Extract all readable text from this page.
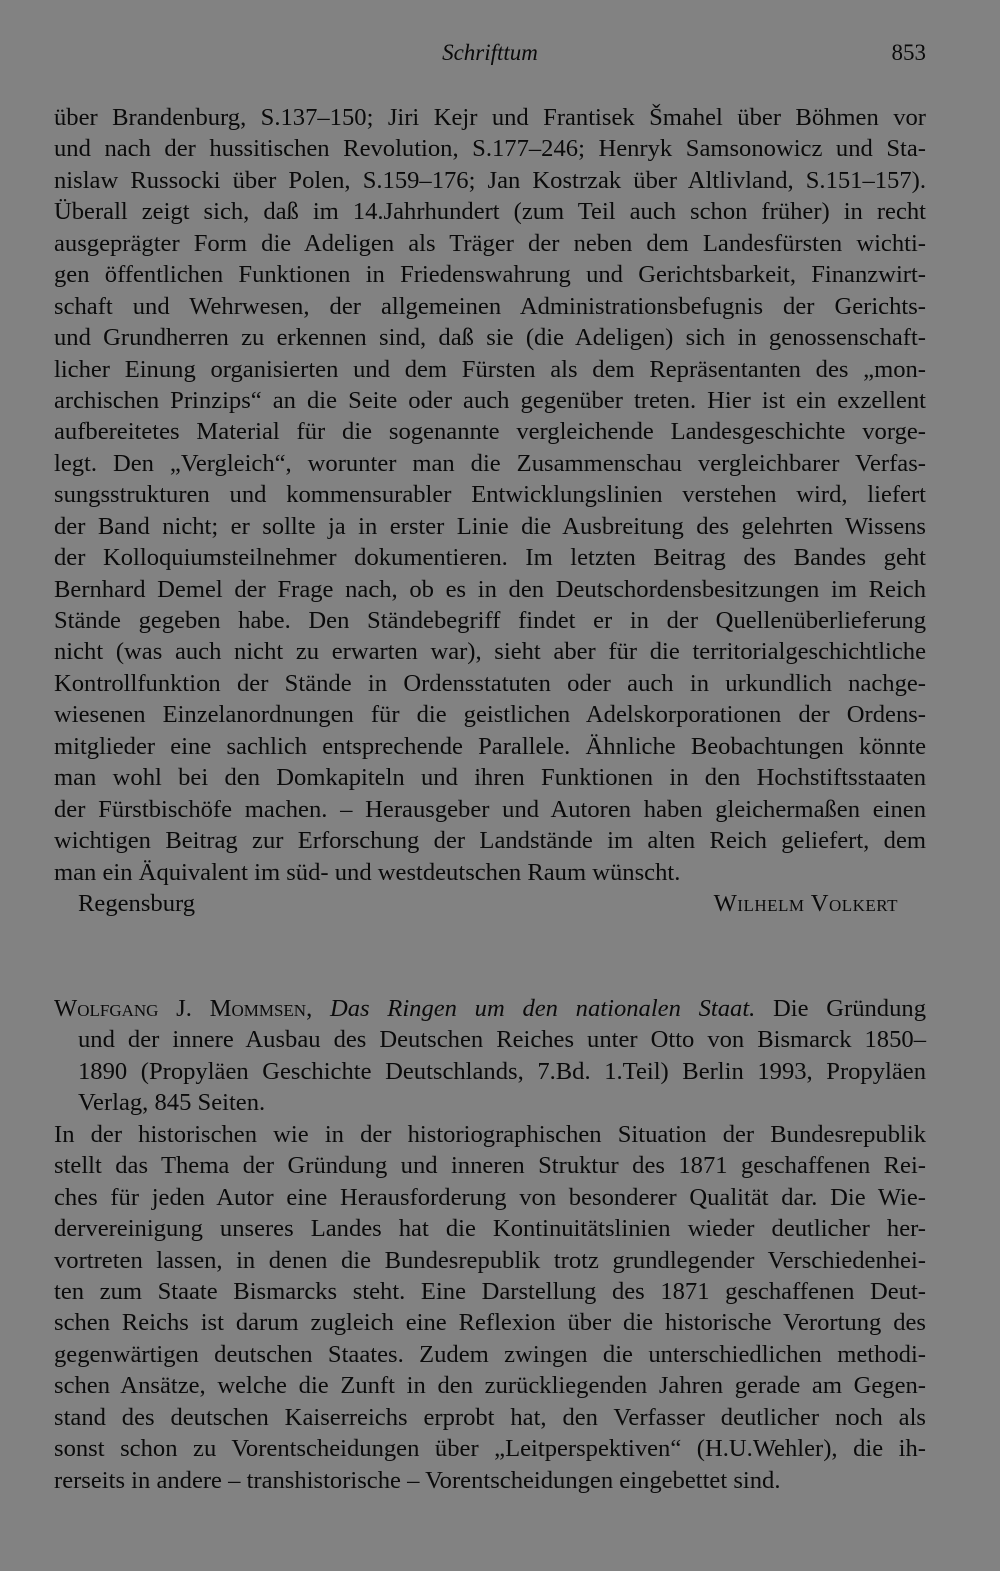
Schrifttum	853
über Brandenburg, S.137–150; Jiri Kejr und Frantisek Šmahel über Böhmen vor
und nach der hussitischen Revolution, S.177–246; Henryk Samsonowicz und Sta-
nislaw Russocki über Polen, S.159–176; Jan Kostrzak über Altlivland, S.151–157).
Überall zeigt sich, daß im 14.Jahrhundert (zum Teil auch schon früher) in recht
ausgeprägter Form die Adeligen als Träger der neben dem Landesfürsten wichti-
gen öffentlichen Funktionen in Friedenswahrung und Gerichtsbarkeit, Finanzwirt-
schaft und Wehrwesen, der allgemeinen Administrationsbefugnis der Gerichts-
und Grundherren zu erkennen sind, daß sie (die Adeligen) sich in genossenschaft-
licher Einung organisierten und dem Fürsten als dem Repräsentanten des „mon-
archischen Prinzips“ an die Seite oder auch gegenüber treten. Hier ist ein exzellent
aufbereitetes Material für die sogenannte vergleichende Landesgeschichte vorge-
legt. Den „Vergleich“, worunter man die Zusammenschau vergleichbarer Verfas-
sungsstrukturen und kommensurabler Entwicklungslinien verstehen wird, liefert
der Band nicht; er sollte ja in erster Linie die Ausbreitung des gelehrten Wissens
der Kolloquiumsteilnehmer dokumentieren. Im letzten Beitrag des Bandes geht
Bernhard Demel der Frage nach, ob es in den Deutschordensbesitzungen im Reich
Stände gegeben habe. Den Ständebegriff findet er in der Quellenüberlieferung
nicht (was auch nicht zu erwarten war), sieht aber für die territorialgeschichtliche
Kontrollfunktion der Stände in Ordensstatuten oder auch in urkundlich nachge-
wiesenen Einzelanordnungen für die geistlichen Adelskorporationen der Ordens-
mitglieder eine sachlich entsprechende Parallele. Ähnliche Beobachtungen könnte
man wohl bei den Domkapiteln und ihren Funktionen in den Hochstiftsstaaten
der Fürstbischöfe machen. – Herausgeber und Autoren haben gleichermaßen einen
wichtigen Beitrag zur Erforschung der Landstände im alten Reich geliefert, dem
man ein Äquivalent im süd- und westdeutschen Raum wünscht.
Regensburg	Wilhelm Volkert
Wolfgang J. Mommsen, Das Ringen um den nationalen Staat. Die Gründung
und der innere Ausbau des Deutschen Reiches unter Otto von Bismarck 1850–
1890 (Propyläen Geschichte Deutschlands, 7.Bd. 1.Teil) Berlin 1993, Propyläen
Verlag, 845 Seiten.
In der historischen wie in der historiographischen Situation der Bundesrepublik
stellt das Thema der Gründung und inneren Struktur des 1871 geschaffenen Rei-
ches für jeden Autor eine Herausforderung von besonderer Qualität dar. Die Wie-
dervereinigung unseres Landes hat die Kontinuitätslinien wieder deutlicher her-
vortreten lassen, in denen die Bundesrepublik trotz grundlegender Verschiedenhei-
ten zum Staate Bismarcks steht. Eine Darstellung des 1871 geschaffenen Deut-
schen Reichs ist darum zugleich eine Reflexion über die historische Verortung des
gegenwärtigen deutschen Staates. Zudem zwingen die unterschiedlichen methodi-
schen Ansätze, welche die Zunft in den zurückliegenden Jahren gerade am Gegen-
stand des deutschen Kaiserreichs erprobt hat, den Verfasser deutlicher noch als
sonst schon zu Vorentscheidungen über „Leitperspektiven“ (H.U.Wehler), die ih-
rerseits in andere – transhistorische – Vorentscheidungen eingebettet sind.
